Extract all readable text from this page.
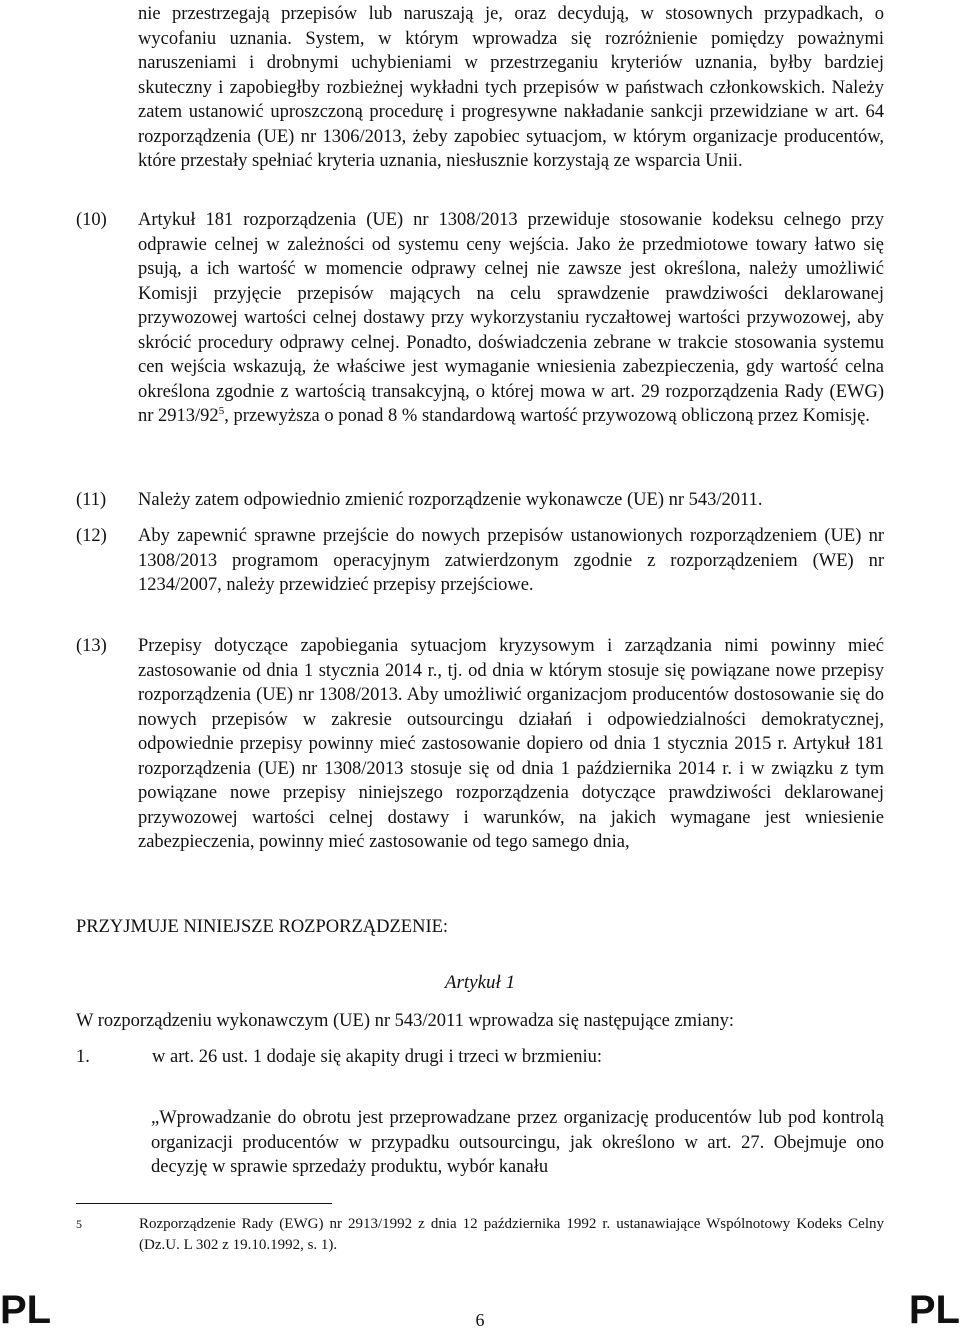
nie przestrzegają przepisów lub naruszają je, oraz decydują, w stosownych przypadkach, o wycofaniu uznania. System, w którym wprowadza się rozróżnienie pomiędzy poważnymi naruszeniami i drobnymi uchybieniami w przestrzeganiu kryteriów uznania, byłby bardziej skuteczny i zapobiegłby rozbieżnej wykładni tych przepisów w państwach członkowskich. Należy zatem ustanowić uproszczoną procedurę i progresywne nakładanie sankcji przewidziane w art. 64 rozporządzenia (UE) nr 1306/2013, żeby zapobiec sytuacjom, w którym organizacje producentów, które przestały spełniać kryteria uznania, niesłusznie korzystają ze wsparcia Unii.

(10) Artykuł 181 rozporządzenia (UE) nr 1308/2013 przewiduje stosowanie kodeksu celnego przy odprawie celnej w zależności od systemu ceny wejścia. Jako że przedmiotowe towary łatwo się psują, a ich wartość w momencie odprawy celnej nie zawsze jest określona, należy umożliwić Komisji przyjęcie przepisów mających na celu sprawdzenie prawdziwości deklarowanej przywozowej wartości celnej dostawy przy wykorzystaniu ryczałtowej wartości przywozowej, aby skrócić procedury odprawy celnej. Ponadto, doświadczenia zebrane w trakcie stosowania systemu cen wejścia wskazują, że właściwe jest wymaganie wniesienia zabezpieczenia, gdy wartość celna określona zgodnie z wartością transakcyjną, o której mowa w art. 29 rozporządzenia Rady (EWG) nr $2913/92^5$, przewyższa o ponad 8 % standardową wartość przywozową obliczoną przez Komisję.

(11) Należy zatem odpowiednio zmienić rozporządzenie wykonawcze (UE) nr 543/2011.

(12) Aby zapewnić sprawne przejście do nowych przepisów ustanowionych rozporządzeniem (UE) nr 1308/2013 programom operacyjnym zatwierdzonym zgodnie z rozporządzeniem (WE) nr 1234/2007, należy przewidzieć przepisy przejściowe.

(13) Przepisy dotyczące zapobiegania sytuacjom kryzysowym i zarządzania nimi powinny mieć zastosowanie od dnia 1 stycznia 2014 r., tj. od dnia w którym stosuje się powiązane nowe przepisy rozporządzenia (UE) nr 1308/2013. Aby umożliwić organizacjom producentów dostosowanie się do nowych przepisów w zakresie outsourcingu działań i odpowiedzialności demokratycznej, odpowiednie przepisy powinny mieć zastosowanie dopiero od dnia 1 stycznia 2015 r. Artykuł 181 rozporządzenia (UE) nr 1308/2013 stosuje się od dnia 1 października 2014 r. i w związku z tym powiązane nowe przepisy niniejszego rozporządzenia dotyczące prawdziwości deklarowanej przywozowej wartości celnej dostawy i warunków, na jakich wymagane jest wniesienie zabezpieczenia, powinny mieć zastosowanie od tego samego dnia,

PRZYJMUJE NINIEJSZE ROZPORZĄDZENIE:

Artykuł 1

W rozporządzeniu wykonawczym (UE) nr 543/2011 wprowadza się następujące zmiany:

1.	w art. 26 ust. 1 dodaje się akapity drugi i trzeci w brzmieniu:

„Wprowadzanie do obrotu jest przeprowadzane przez organizację producentów lub pod kontrolą organizacji producentów w przypadku outsourcingu, jak określono w art. 27. Obejmuje ono decyzję w sprawie sprzedaży produktu, wybór kanału

5	Rozporządzenie Rady (EWG) nr 2913/1992 z dnia 12 października 1992 r. ustanawiające Wspólnotowy Kodeks Celny (Dz.U. L 302 z 19.10.1992, s. 1).

PL	6	PL
